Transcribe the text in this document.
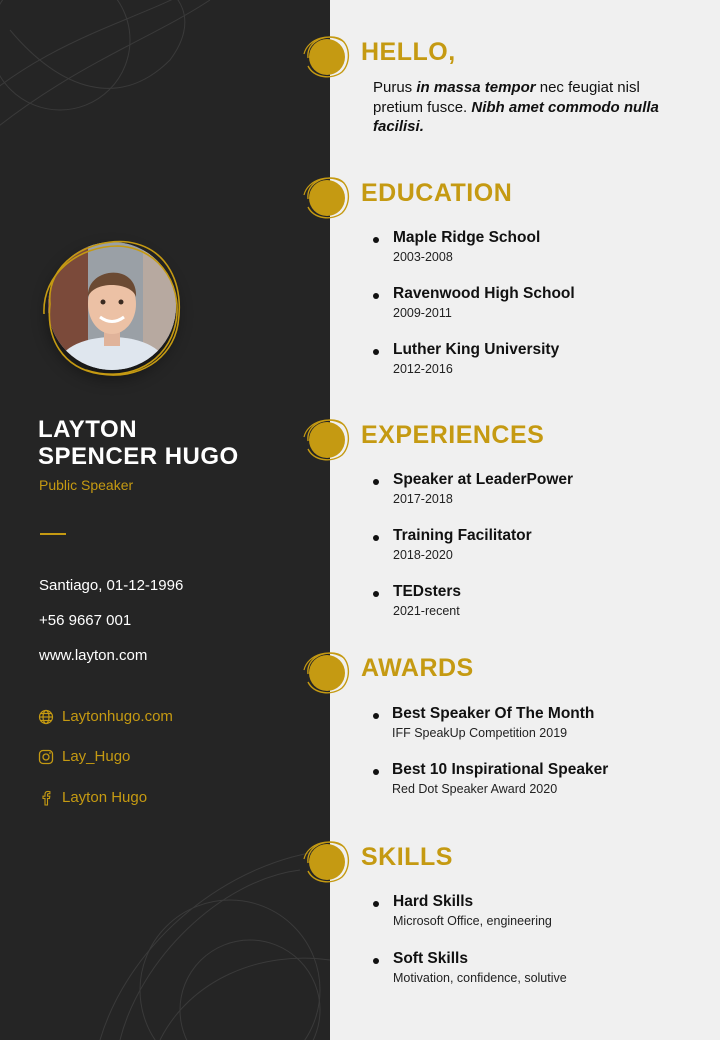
LAYTON
SPENCER HUGO
Public Speaker
Santiago, 01-12-1996
+56 9667 001
www.layton.com
Laytonhugo.com
Lay_Hugo
Layton Hugo
HELLO,
Purus in massa tempor nec feugiat nisl pretium fusce. Nibh amet commodo nulla facilisi.
EDUCATION
Maple Ridge School
2003-2008
Ravenwood High School
2009-2011
Luther King University
2012-2016
EXPERIENCES
Speaker at LeaderPower
2017-2018
Training Facilitator
2018-2020
TEDsters
2021-recent
AWARDS
Best Speaker Of The Month
IFF SpeakUp Competition 2019
Best 10 Inspirational Speaker
Red Dot Speaker Award 2020
SKILLS
Hard Skills
Microsoft Office, engineering
Soft Skills
Motivation, confidence, solutive
